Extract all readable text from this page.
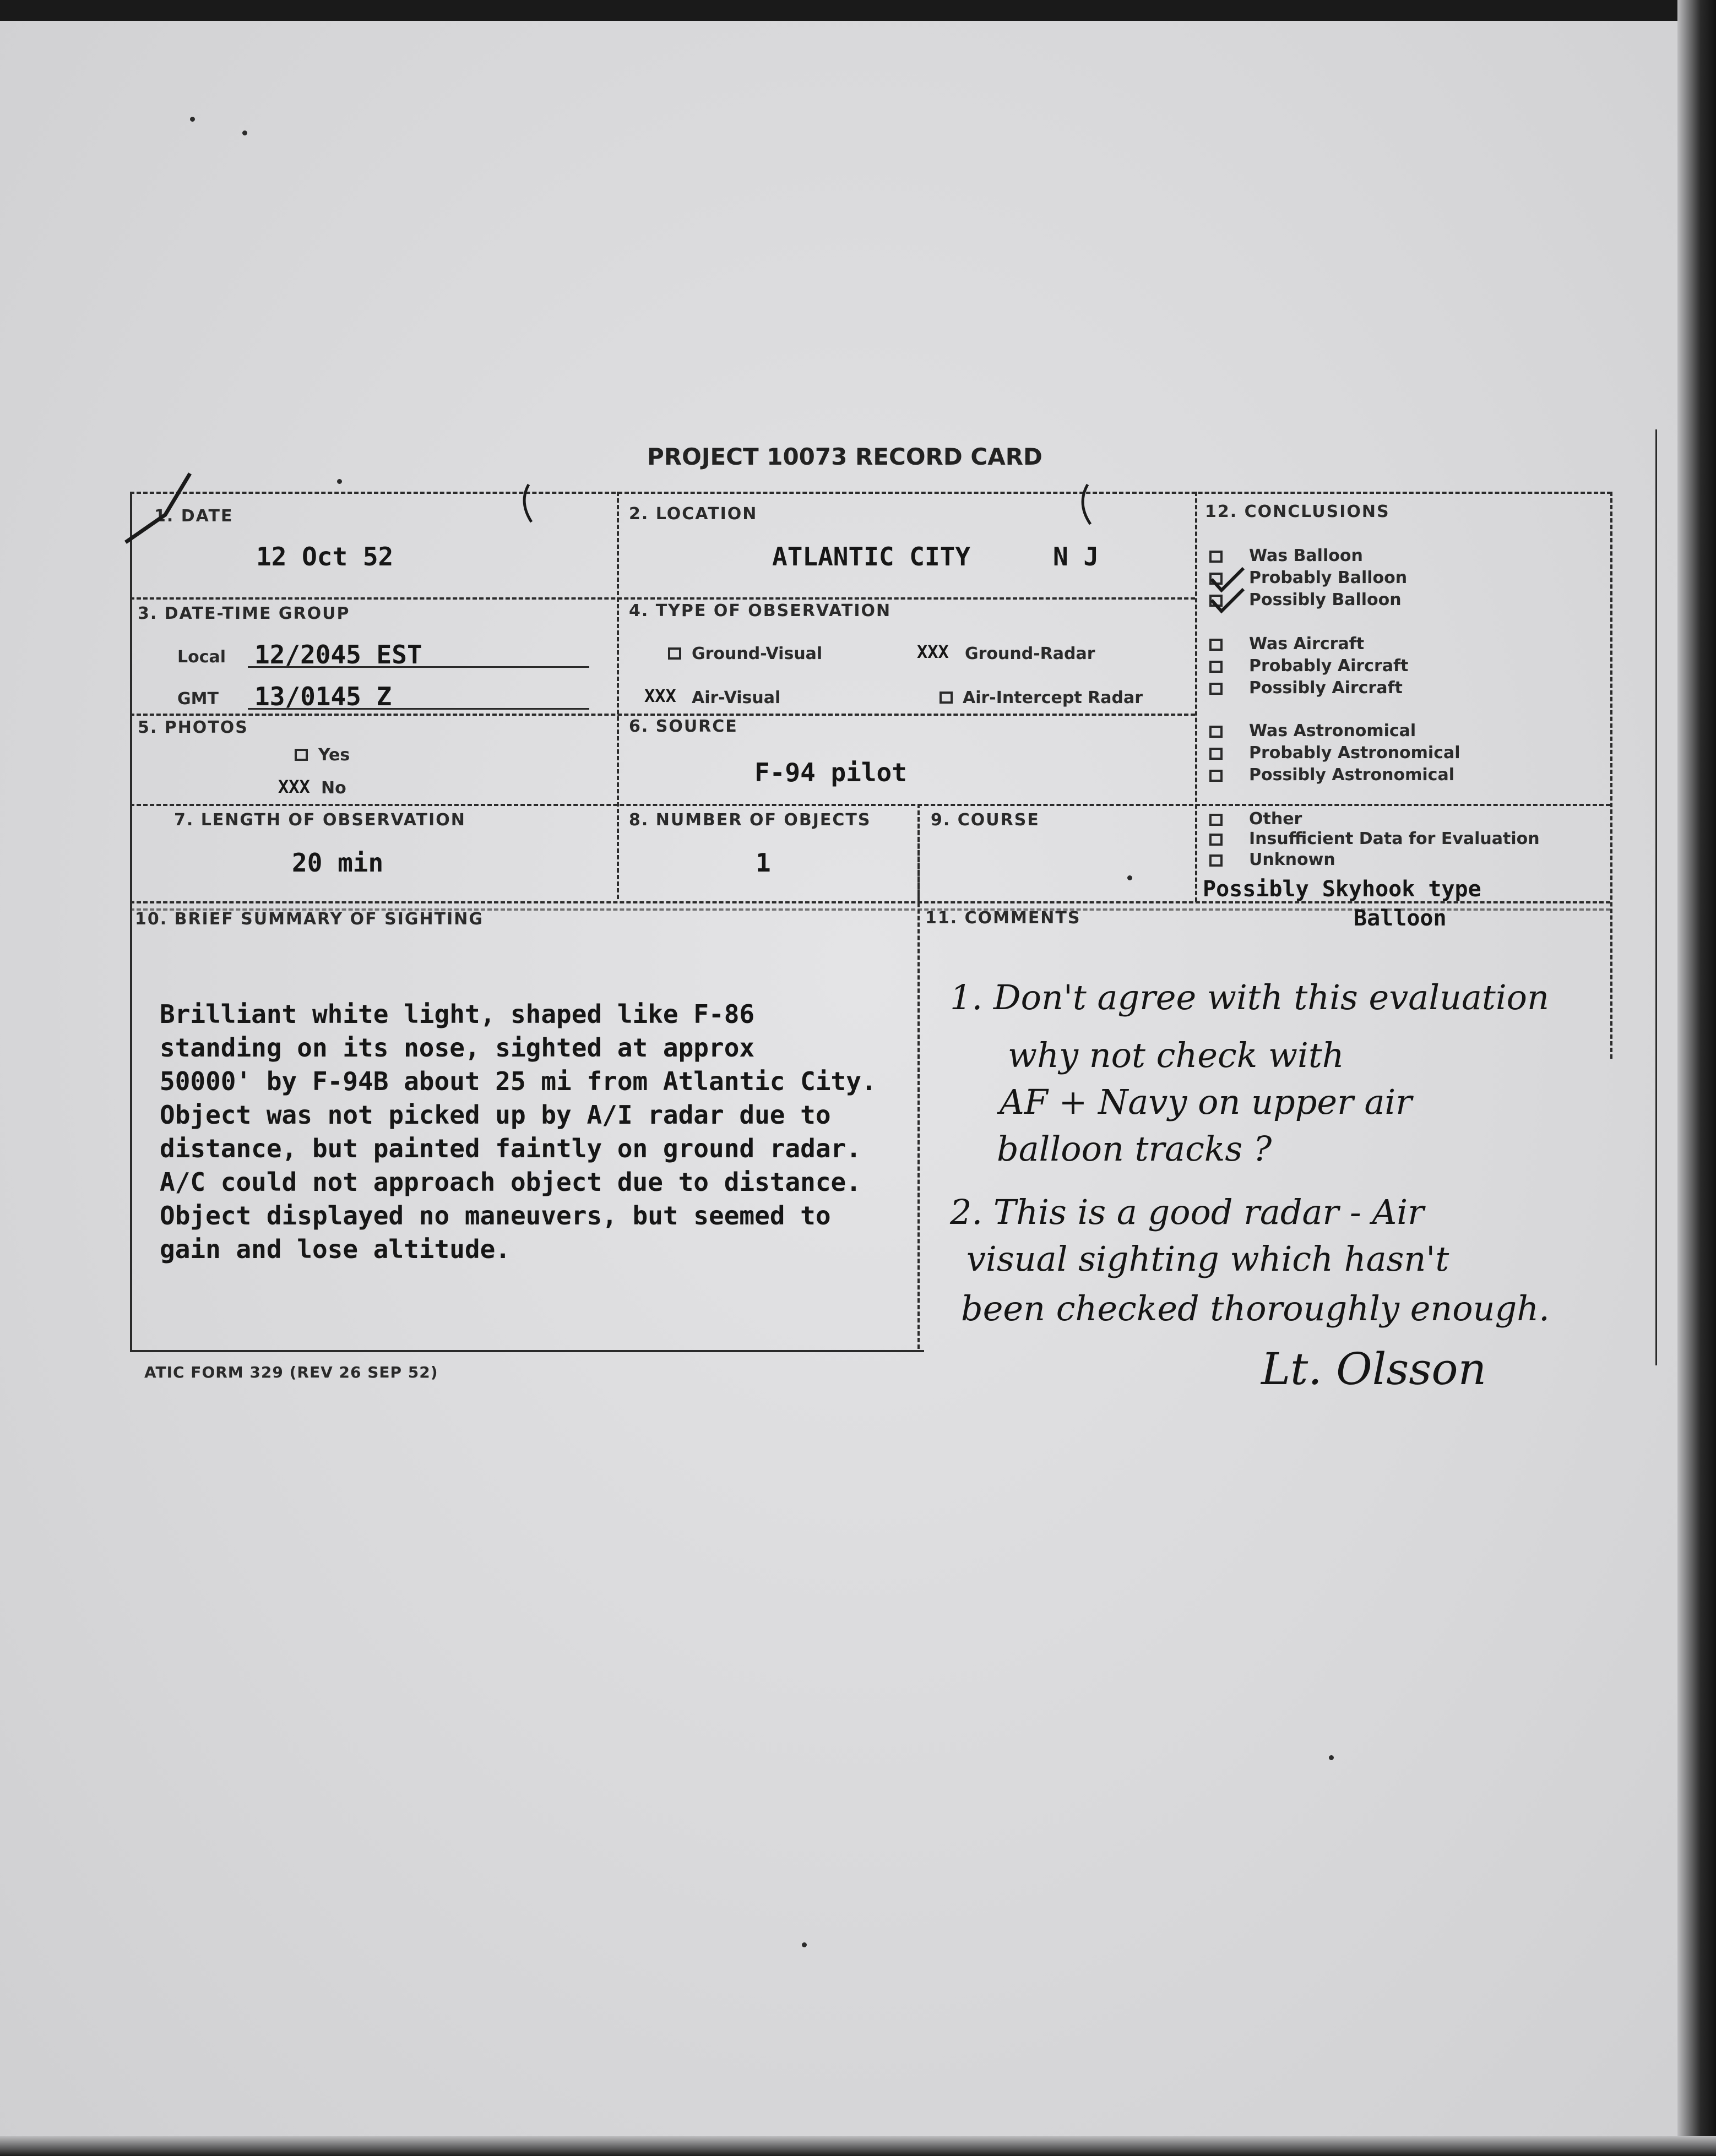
PROJECT 10073 RECORD CARD
1. DATE
12 Oct 52
2. LOCATION
ATLANTIC CITY	N J
3. DATE-TIME GROUP
Local 12/2045 EST
GMT 13/0145 Z
4. TYPE OF OBSERVATION
Ground-Visual	XXX Ground-Radar
XXX Air-Visual	Air-Intercept Radar
5. PHOTOS
Yes
XXX No
6. SOURCE
F-94 pilot
7. LENGTH OF OBSERVATION
20 min
8. NUMBER OF OBJECTS
1
9. COURSE
10. BRIEF SUMMARY OF SIGHTING
Brilliant white light, shaped like F-86
standing on its nose, sighted at approx
50000' by F-94B about 25 mi from Atlantic City.
Object was not picked up by A/I radar due to
distance, but painted faintly on ground radar.
A/C could not approach object due to distance.
Object displayed no maneuvers, but seemed to
gain and lose altitude.
11. COMMENTS
1. Don't agree with this evaluation
why not check with
AF + Navy on upper air
balloon tracks ?
2. This is a good radar - Air
visual sighting which hasn't
been checked thoroughly enough.
Lt. Olsson
12. CONCLUSIONS
Was Balloon
Probably Balloon
Possibly Balloon
Was Aircraft
Probably Aircraft
Possibly Aircraft
Was Astronomical
Probably Astronomical
Possibly Astronomical
Other
Insufficient Data for Evaluation
Unknown
Possibly Skyhook type
Balloon
ATIC FORM 329 (REV 26 SEP 52)
